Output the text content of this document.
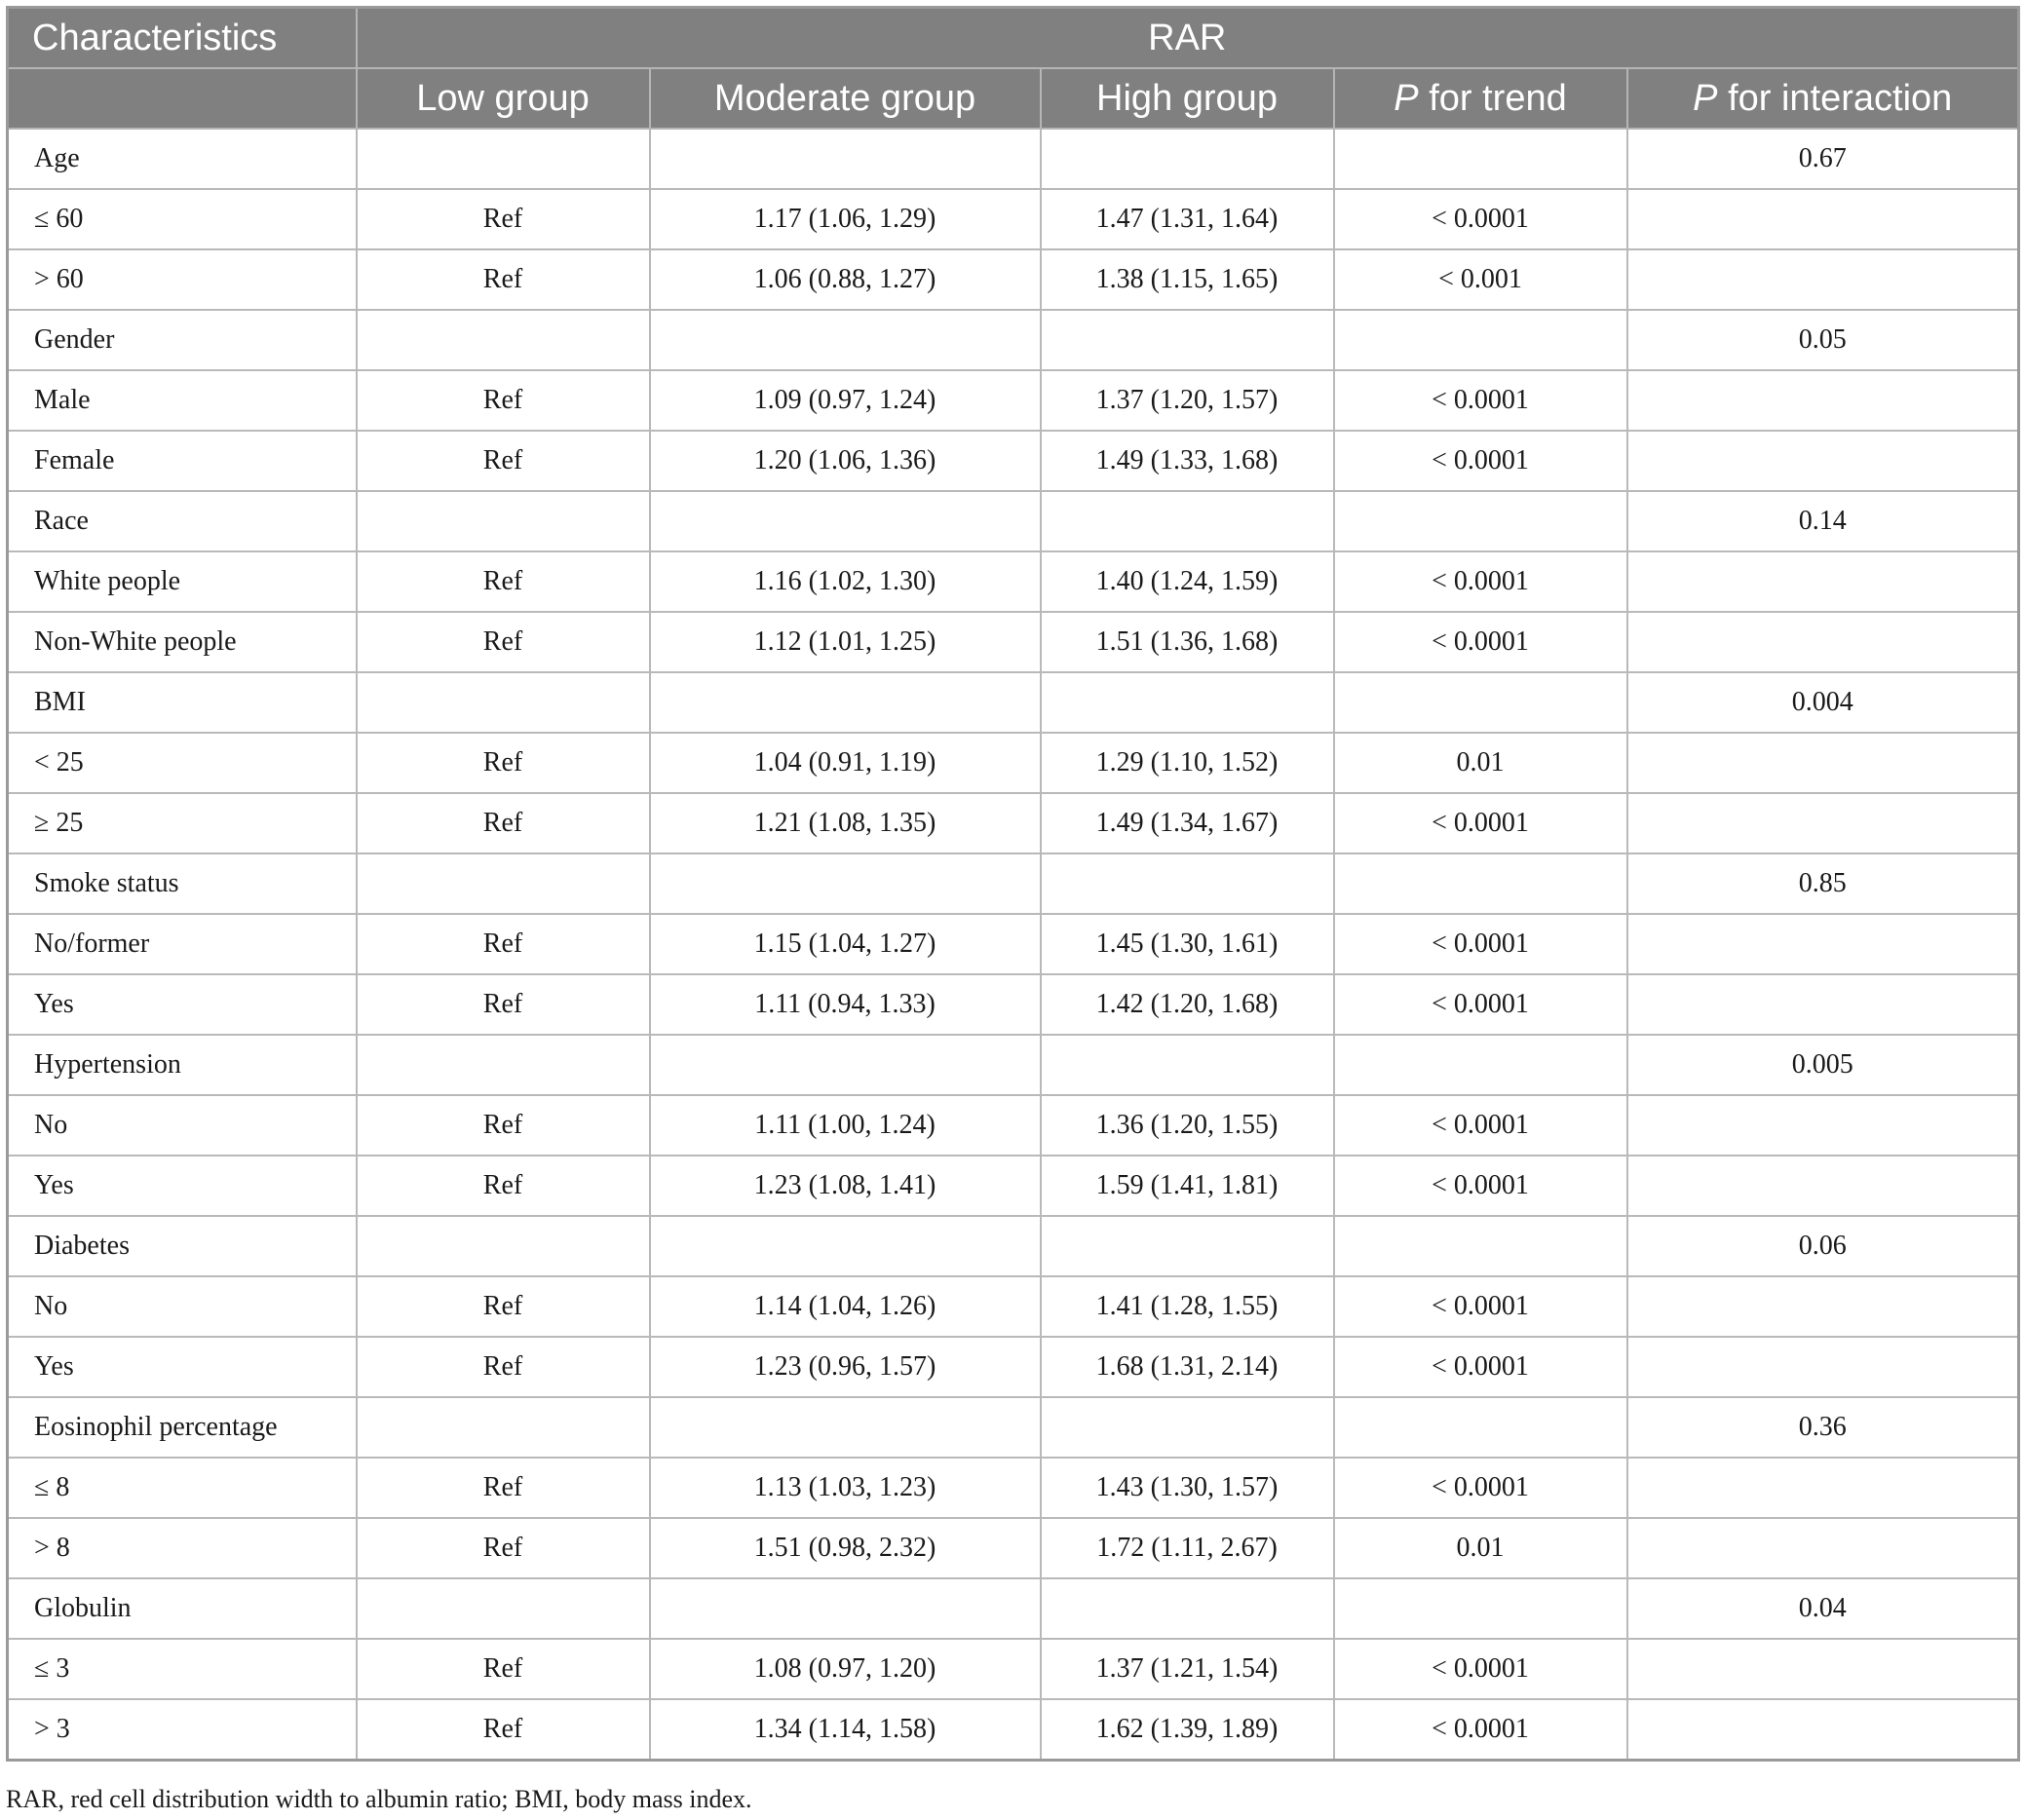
Characteristics	RAR				
	Low group	Moderate group	High group	P for trend	P for interaction
Age					0.67
≤ 60	Ref	1.17 (1.06, 1.29)	1.47 (1.31, 1.64)	< 0.0001	
> 60	Ref	1.06 (0.88, 1.27)	1.38 (1.15, 1.65)	< 0.001	
Gender					0.05
Male	Ref	1.09 (0.97, 1.24)	1.37 (1.20, 1.57)	< 0.0001	
Female	Ref	1.20 (1.06, 1.36)	1.49 (1.33, 1.68)	< 0.0001	
Race					0.14
White people	Ref	1.16 (1.02, 1.30)	1.40 (1.24, 1.59)	< 0.0001	
Non-White people	Ref	1.12 (1.01, 1.25)	1.51 (1.36, 1.68)	< 0.0001	
BMI					0.004
< 25	Ref	1.04 (0.91, 1.19)	1.29 (1.10, 1.52)	0.01	
≥ 25	Ref	1.21 (1.08, 1.35)	1.49 (1.34, 1.67)	< 0.0001	
Smoke status					0.85
No/former	Ref	1.15 (1.04, 1.27)	1.45 (1.30, 1.61)	< 0.0001	
Yes	Ref	1.11 (0.94, 1.33)	1.42 (1.20, 1.68)	< 0.0001	
Hypertension					0.005
No	Ref	1.11 (1.00, 1.24)	1.36 (1.20, 1.55)	< 0.0001	
Yes	Ref	1.23 (1.08, 1.41)	1.59 (1.41, 1.81)	< 0.0001	
Diabetes					0.06
No	Ref	1.14 (1.04, 1.26)	1.41 (1.28, 1.55)	< 0.0001	
Yes	Ref	1.23 (0.96, 1.57)	1.68 (1.31, 2.14)	< 0.0001	
Eosinophil percentage					0.36
≤ 8	Ref	1.13 (1.03, 1.23)	1.43 (1.30, 1.57)	< 0.0001	
> 8	Ref	1.51 (0.98, 2.32)	1.72 (1.11, 2.67)	0.01	
Globulin					0.04
≤ 3	Ref	1.08 (0.97, 1.20)	1.37 (1.21, 1.54)	< 0.0001	
> 3	Ref	1.34 (1.14, 1.58)	1.62 (1.39, 1.89)	< 0.0001	
RAR, red cell distribution width to albumin ratio; BMI, body mass index.
